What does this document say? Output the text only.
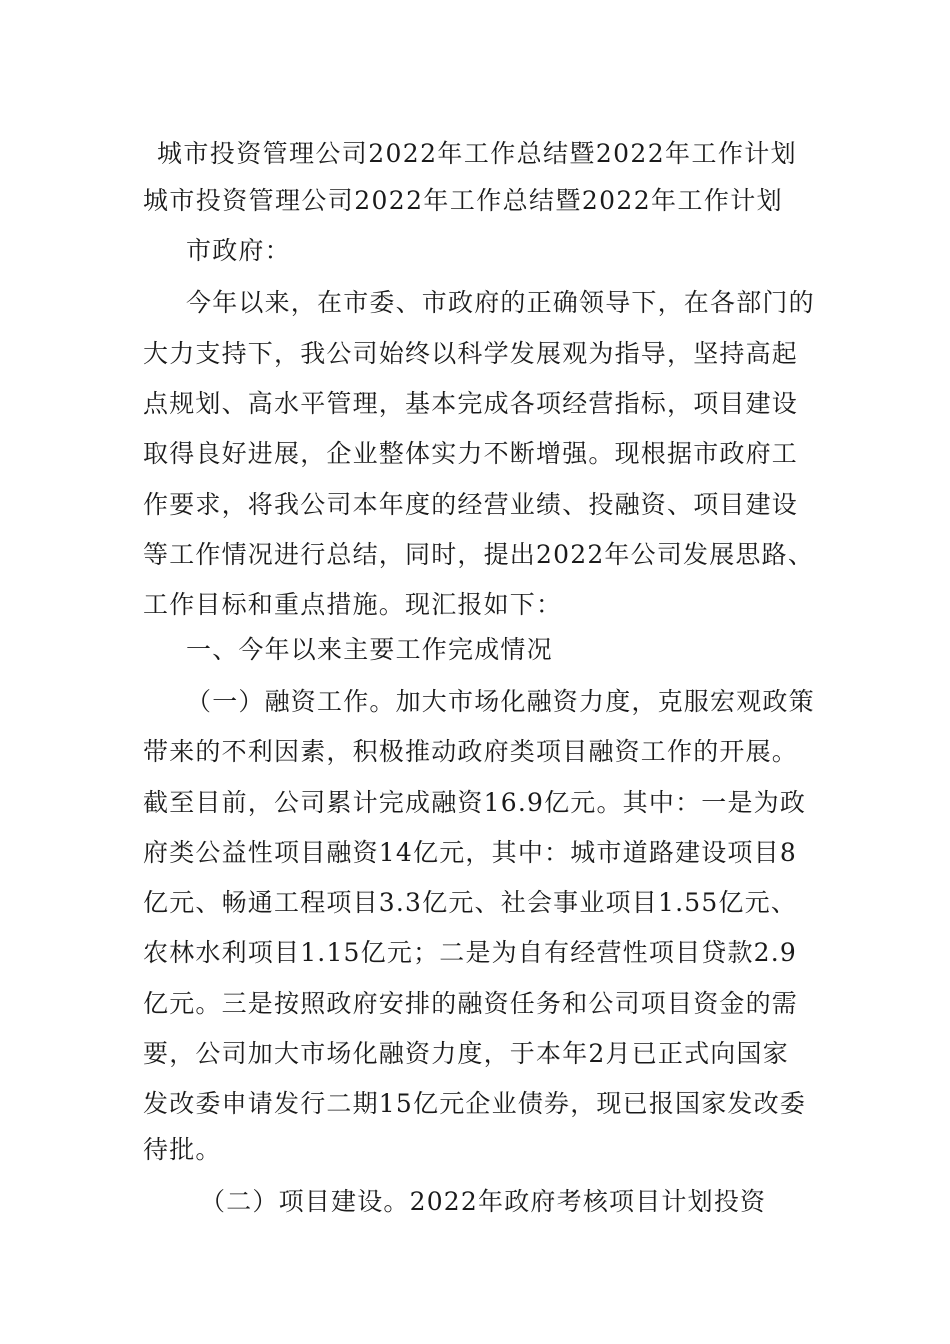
城市投资管理公司2022年工作总结暨2022年工作计划
城市投资管理公司2022年工作总结暨2022年工作计划
市政府：
今年以来，在市委、市政府的正确领导下，在各部门的
大力支持下，我公司始终以科学发展观为指导，坚持高起
点规划、高水平管理，基本完成各项经营指标，项目建设
取得良好进展，企业整体实力不断增强。现根据市政府工
作要求，将我公司本年度的经营业绩、投融资、项目建设
等工作情况进行总结，同时，提出2022年公司发展思路、
工作目标和重点措施。现汇报如下：
一、今年以来主要工作完成情况
（一）融资工作。加大市场化融资力度，克服宏观政策
带来的不利因素，积极推动政府类项目融资工作的开展。
截至目前，公司累计完成融资16.9亿元。其中：一是为政
府类公益性项目融资14亿元，其中：城市道路建设项目8
亿元、畅通工程项目3.3亿元、社会事业项目1.55亿元、
农林水利项目1.15亿元；二是为自有经营性项目贷款2.9
亿元。三是按照政府安排的融资任务和公司项目资金的需
要，公司加大市场化融资力度，于本年2月已正式向国家
发改委申请发行二期15亿元企业债券，现已报国家发改委
待批。
（二）项目建设。2022年政府考核项目计划投资
